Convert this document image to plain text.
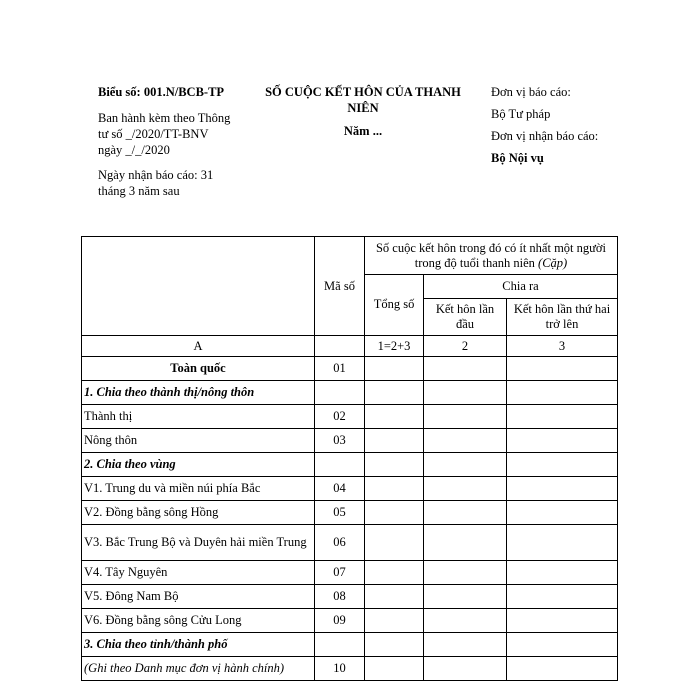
Biểu số: 001.N/BCB-TP

Ban hành kèm theo Thông tư số _/2020/TT-BNV ngày _/_/2020

Ngày nhận báo cáo: 31 tháng 3 năm sau

SỐ CUỘC KẾT HÔN CỦA THANH NIÊN

Năm ...

Đơn vị báo cáo:

Bộ Tư pháp

Đơn vị nhận báo cáo:

Bộ Nội vụ

	Mã số	Số cuộc kết hôn trong đó có ít nhất một người trong độ tuổi thanh niên (Cặp)		
		Tổng số	Chia ra	
			Kết hôn lần đầu	Kết hôn lần thứ hai trở lên
A		1=2+3	2	3
Toàn quốc	01			
1. Chia theo thành thị/nông thôn				
Thành thị	02			
Nông thôn	03			
2. Chia theo vùng				
V1. Trung du và miền núi phía Bắc	04			
V2. Đồng bằng sông Hồng	05			
V3. Bắc Trung Bộ và Duyên hải miền Trung	06			
V4. Tây Nguyên	07			
V5. Đông Nam Bộ	08			
V6. Đồng bằng sông Cửu Long	09			
3. Chia theo tỉnh/thành phố				
(Ghi theo Danh mục đơn vị hành chính)	10			
